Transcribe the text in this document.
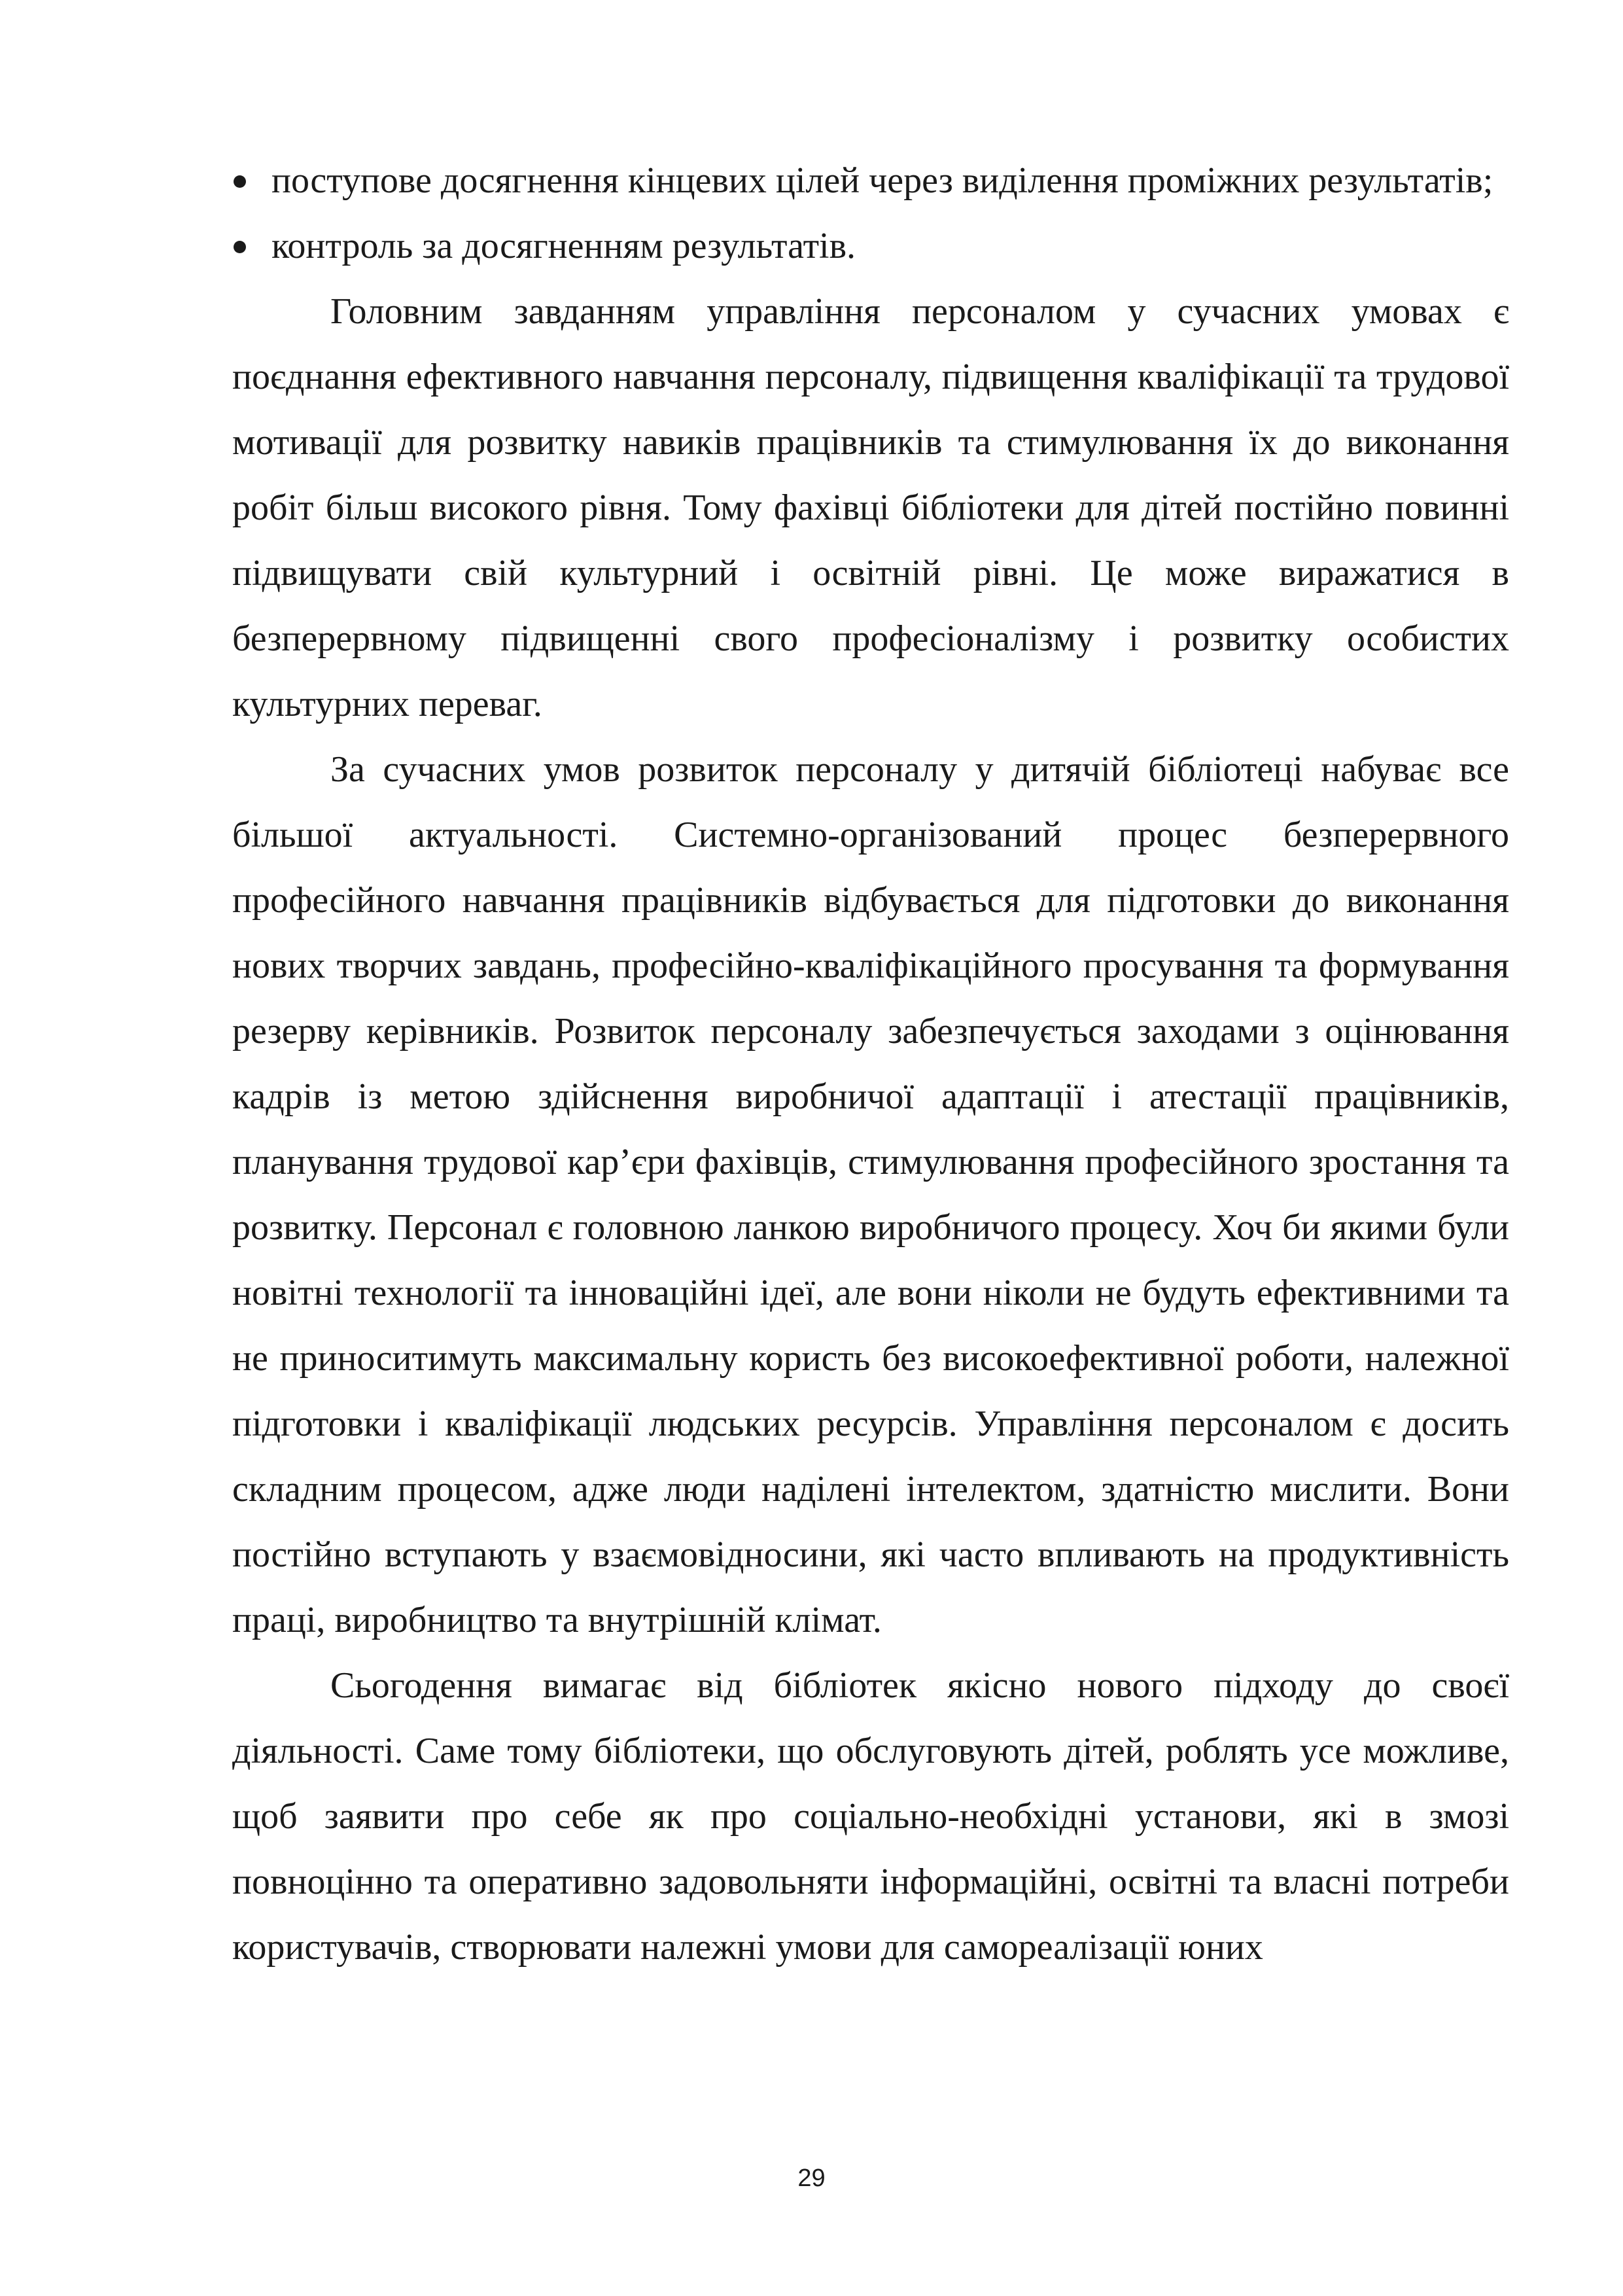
поступове досягнення кінцевих цілей через виділення проміжних результатів;

контроль за досягненням результатів.

Головним завданням управління персоналом у сучасних умовах є поєднання ефективного навчання персоналу, підвищення кваліфікації та трудової мотивації для розвитку навиків працівників та стимулювання їх до виконання робіт більш високого рівня. Тому фахівці бібліотеки для дітей постійно повинні підвищувати свій культурний і освітній рівні. Це може виражатися в безперервному підвищенні свого професіоналізму і розвитку особистих культурних переваг.

За сучасних умов розвиток персоналу у дитячій бібліотеці набуває все більшої актуальності. Системно-організований процес безперервного професійного навчання працівників відбувається для підготовки до виконання нових творчих завдань, професійно-кваліфікаційного просування та формування резерву керівників. Розвиток персоналу забезпечується заходами з оцінювання кадрів із метою здійснення виробничої адаптації і атестації працівників, планування трудової кар’єри фахівців, стимулювання професійного зростання та розвитку. Персонал є головною ланкою виробничого процесу. Хоч би якими були новітні технології та інноваційні ідеї, але вони ніколи не будуть ефективними та не приноситимуть максимальну користь без високоефективної роботи, належної підготовки і кваліфікації людських ресурсів. Управління персоналом є досить складним процесом, адже люди наділені інтелектом, здатністю мислити. Вони постійно вступають у взаємовідносини, які часто впливають на продуктивність праці, виробництво та внутрішній клімат.

Сьогодення вимагає від бібліотек якісно нового підходу до своєї діяльності. Саме тому бібліотеки, що обслуговують дітей, роблять усе можливе, щоб заявити про себе як про соціально-необхідні установи, які в змозі повноцінно та оперативно задовольняти інформаційні, освітні та власні потреби користувачів, створювати належні умови для самореалізації юних

29
